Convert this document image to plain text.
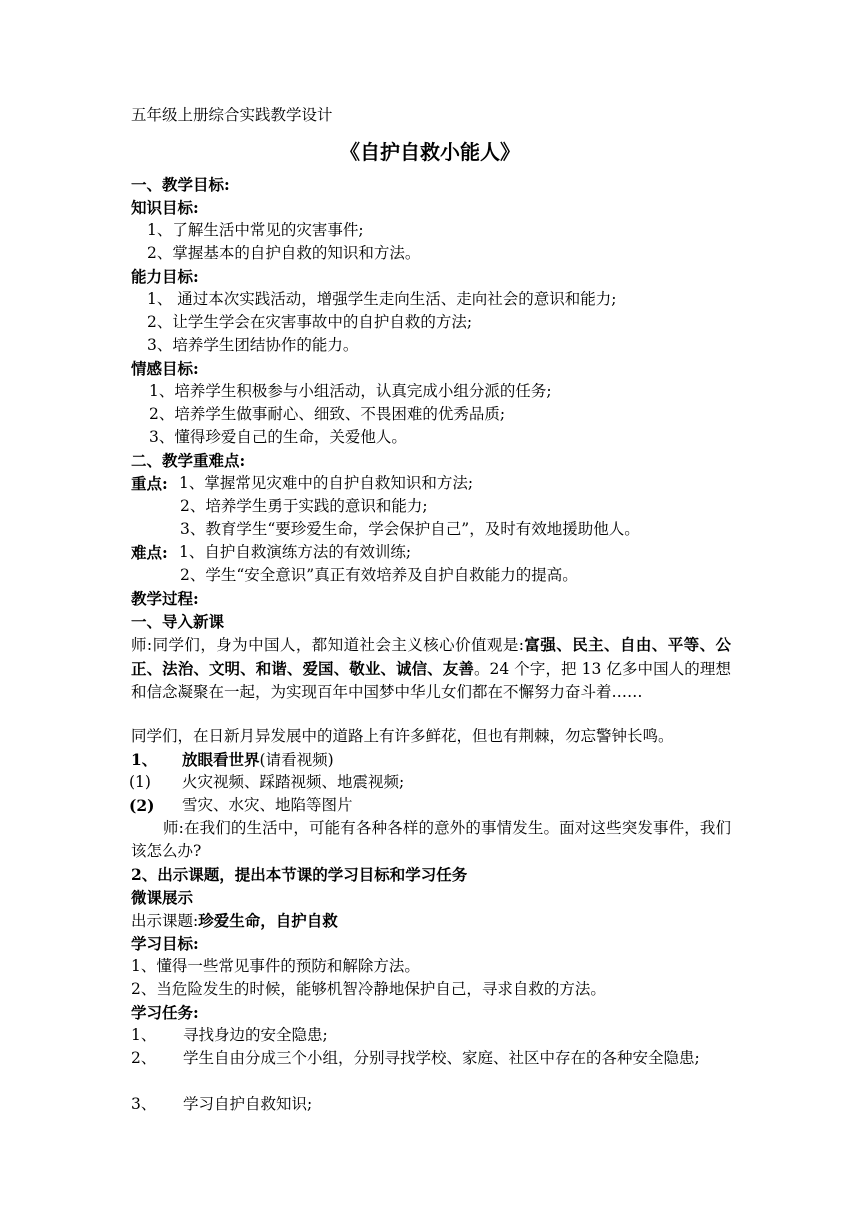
五年级上册综合实践教学设计
《自护自救小能人》
一、教学目标:
知识目标:
1、了解生活中常见的灾害事件;
2、掌握基本的自护自救的知识和方法。
能力目标:
1、 通过本次实践活动，增强学生走向生活、走向社会的意识和能力;
2、让学生学会在灾害事故中的自护自救的方法;
3、培养学生团结协作的能力。
情感目标:
1、培养学生积极参与小组活动，认真完成小组分派的任务;
2、培养学生做事耐心、细致、不畏困难的优秀品质;
3、懂得珍爱自己的生命，关爱他人。
二、教学重难点:
重点: 1、掌握常见灾难中的自护自救知识和方法;
2、培养学生勇于实践的意识和能力;
3、教育学生“要珍爱生命，学会保护自己”，及时有效地援助他人。
难点: 1、自护自救演练方法的有效训练;
2、学生“安全意识”真正有效培养及自护自救能力的提高。
教学过程:
一、导入新课
师:同学们，身为中国人，都知道社会主义核心价值观是:富强、民主、自由、平等、公正、法治、文明、和谐、爱国、敬业、诚信、友善。24 个字，把 13 亿多中国人的理想和信念凝聚在一起，为实现百年中国梦中华儿女们都在不懈努力奋斗着……
同学们，在日新月异发展中的道路上有许多鲜花，但也有荆棘，勿忘警钟长鸣。
1、 放眼看世界(请看视频)
(1) 火灾视频、踩踏视频、地震视频;
(2) 雪灾、水灾、地陷等图片
师:在我们的生活中，可能有各种各样的意外的事情发生。面对这些突发事件，我们该怎么办?
2、出示课题，提出本节课的学习目标和学习任务
微课展示
出示课题:珍爱生命，自护自救
学习目标:
1、懂得一些常见事件的预防和解除方法。
2、当危险发生的时候，能够机智冷静地保护自己，寻求自救的方法。
学习任务:
1、 寻找身边的安全隐患;
2、 学生自由分成三个小组，分别寻找学校、家庭、社区中存在的各种安全隐患;
3、 学习自护自救知识;
